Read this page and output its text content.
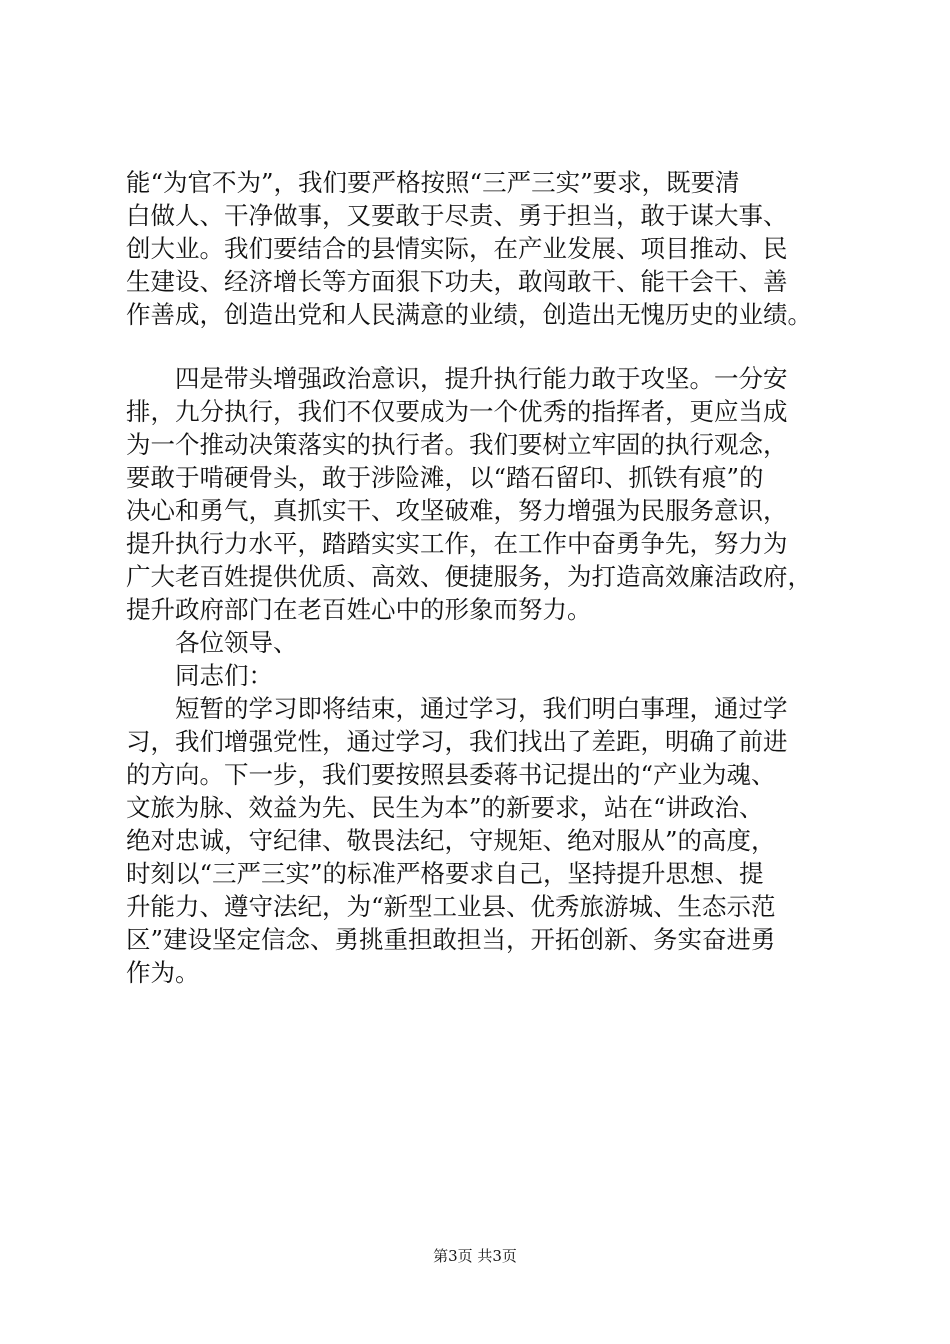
能“为官不为”，我们要严格按照“三严三实”要求，既要清
白做人、干净做事，又要敢于尽责、勇于担当，敢于谋大事、
创大业。我们要结合的县情实际，在产业发展、项目推动、民
生建设、经济增长等方面狠下功夫，敢闯敢干、能干会干、善
作善成，创造出党和人民满意的业绩，创造出无愧历史的业绩。
　　四是带头增强政治意识，提升执行能力敢于攻坚。一分安
排，九分执行，我们不仅要成为一个优秀的指挥者，更应当成
为一个推动决策落实的执行者。我们要树立牢固的执行观念，
要敢于啃硬骨头，敢于涉险滩，以“踏石留印、抓铁有痕”的
决心和勇气，真抓实干、攻坚破难，努力增强为民服务意识，
提升执行力水平，踏踏实实工作，在工作中奋勇争先，努力为
广大老百姓提供优质、高效、便捷服务，为打造高效廉洁政府，
提升政府部门在老百姓心中的形象而努力。
　　各位领导、
　　同志们：
　　短暂的学习即将结束，通过学习，我们明白事理，通过学
习，我们增强党性，通过学习，我们找出了差距，明确了前进
的方向。下一步，我们要按照县委蒋书记提出的“产业为魂、
文旅为脉、效益为先、民生为本”的新要求，站在“讲政治、
绝对忠诚，守纪律、敬畏法纪，守规矩、绝对服从”的高度，
时刻以“三严三实”的标准严格要求自己，坚持提升思想、提
升能力、遵守法纪，为“新型工业县、优秀旅游城、生态示范
区”建设坚定信念、勇挑重担敢担当，开拓创新、务实奋进勇
作为。
第3页 共3页
